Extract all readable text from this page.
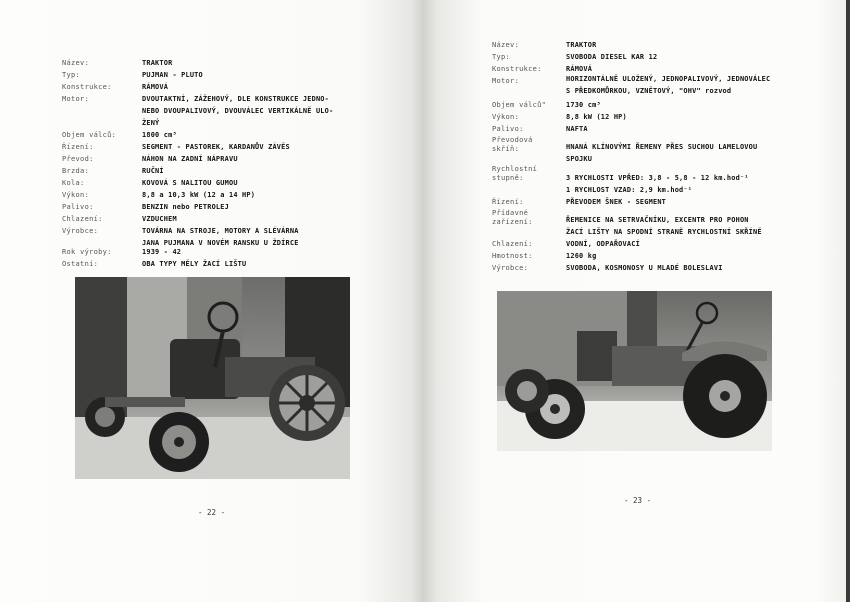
Název:
Typ:
Konstrukce:
Motor:
Objem válců:
Řízení:
Převod:
Brzda:
Kola:
Výkon:
Palivo:
Chlazení:
Výrobce:
Rok výroby:
Ostatní:
TRAKTOR
PUJMAN - PLUTO
RÁMOVÁ
DVOUTAKTNÍ, ZÁŽEHOVÝ, DLE KONSTRUKCE JEDNO-
NEBO DVOUPALIVOVÝ, DVOUVÁLEC VERTIKÁLNĚ ULO-
ŽENÝ
1800 cm³
SEGMENT - PASTOREK, KARDANŮV ZÁVĚS
NÁHON NA ZADNÍ NÁPRAVU
RUČNÍ
KOVOVÁ S NALITOU GUMOU
8,8 a 10,3 kW (12 a 14 HP)
BENZIN nebo PETROLEJ
VZDUCHEM
TOVÁRNA NA STROJE, MOTORY A SLÉVÁRNA
JANA PUJMANA V NOVÉM RANSKU U ŽDÍRCE
1939 - 42
OBA TYPY MĚLY ŽACÍ LIŠTU
- 22 -
Název:
Typ:
Konstrukce:
Motor:
Objem válců"
Výkon:
Palivo:
Převodová
skříň:
Rychlostní
stupně:
Řízení:
Přídavné
zařízení:
Chlazení:
Hmotnost:
Výrobce:
TRAKTOR
SVOBODA DIESEL KAR 12
RÁMOVÁ
HORIZONTÁLNĚ ULOŽENÝ, JEDNOPALIVOVÝ, JEDNOVÁLEC
S PŘEDKOMŮRKOU, VZNĚTOVÝ, "OHV" rozvod
1730 cm³
8,8 kW (12 HP)
NAFTA
HNANÁ KLÍNOVÝMI ŘEMENY PŘES SUCHOU LAMELOVOU
SPOJKU
3 RYCHLOSTI VPŘED: 3,8 - 5,8 - 12 km.hod⁻¹
1 RYCHLOST VZAD: 2,9 km.hod⁻¹
PŘEVODEM ŠNEK - SEGMENT
ŘEMENICE NA SETRVAČNÍKU, EXCENTR PRO POHON
ŽACÍ LIŠTY NA SPODNÍ STRANĚ RYCHLOSTNÍ SKŘÍNĚ
VODNÍ, ODPAŘOVACÍ
1260 kg
SVOBODA, KOSMONOSY U MLADÉ BOLESLAVI
- 23 -
